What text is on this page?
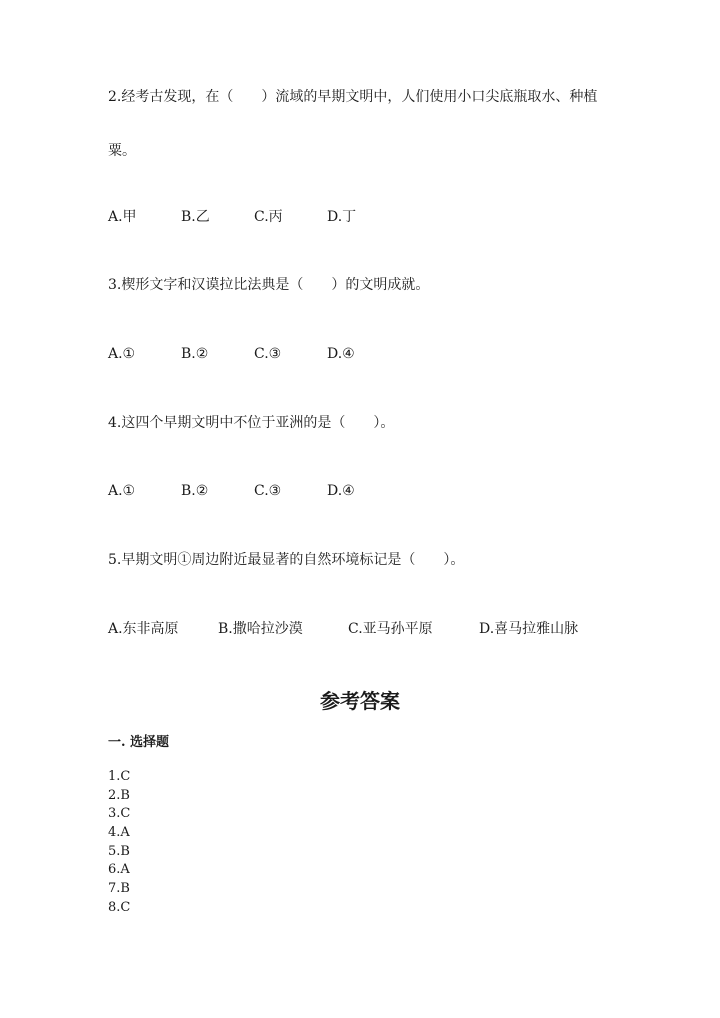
2.经考古发现，在（　　）流域的早期文明中，人们使用小口尖底瓶取水、种植
粟。
A.甲	B.乙	C.丙	D.丁
3.楔形文字和汉谟拉比法典是（　　）的文明成就。
A.①	B.②	C.③	D.④
4.这四个早期文明中不位于亚洲的是（　　）。
A.①	B.②	C.③	D.④
5.早期文明①周边附近最显著的自然环境标记是（　　）。
A.东非高原	B.撒哈拉沙漠	C.亚马孙平原	D.喜马拉雅山脉
参考答案
一. 选择题
1.C
2.B
3.C
4.A
5.B
6.A
7.B
8.C
